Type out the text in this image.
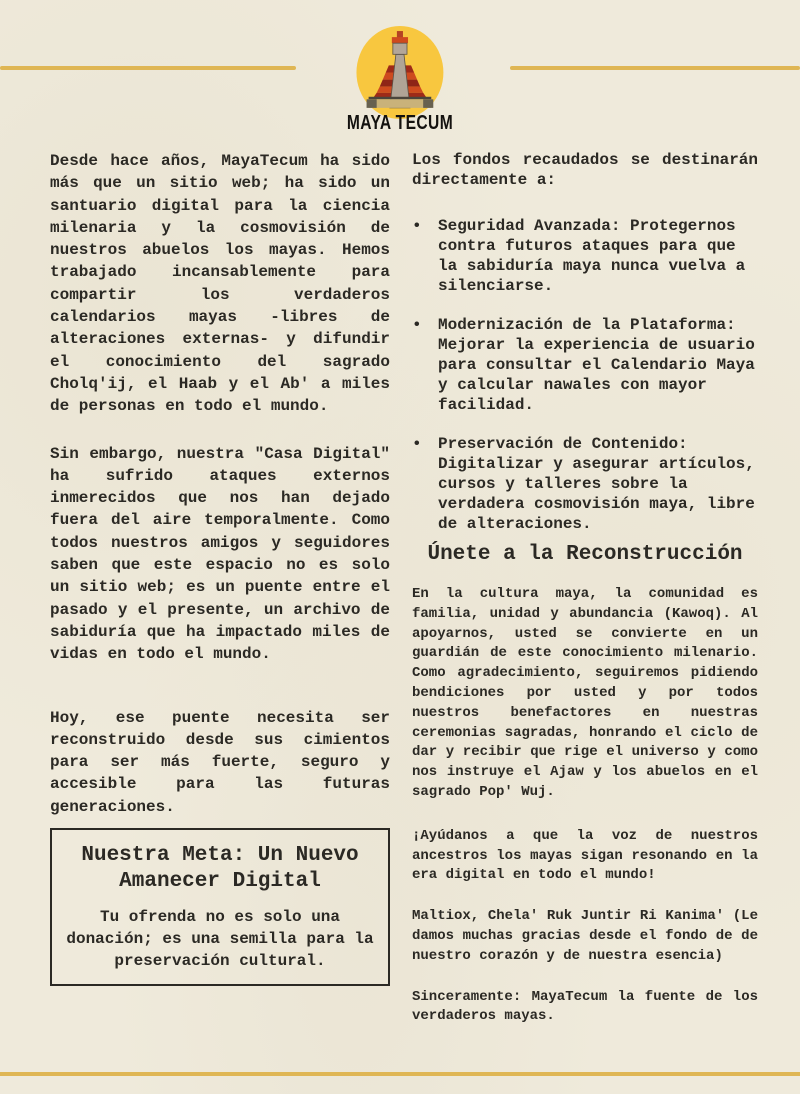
MAYA TECUM

Desde hace años, MayaTecum ha sido más que un sitio web; ha sido un santuario digital para la ciencia milenaria y la cosmovisión de nuestros abuelos los mayas. Hemos trabajado incansablemente para compartir los verdaderos calendarios mayas -libres de alteraciones externas- y difundir el conocimiento del sagrado Cholq'ij, el Haab y el Ab' a miles de personas en todo el mundo.

Sin embargo, nuestra "Casa Digital" ha sufrido ataques externos inmerecidos que nos han dejado fuera del aire temporalmente. Como todos nuestros amigos y seguidores saben que este espacio no es solo un sitio web; es un puente entre el pasado y el presente, un archivo de sabiduría que ha impactado miles de vidas en todo el mundo.

Hoy, ese puente necesita ser reconstruido desde sus cimientos para ser más fuerte, seguro y accesible para las futuras generaciones.

Nuestra Meta: Un Nuevo Amanecer Digital

Tu ofrenda no es solo una donación; es una semilla para la preservación cultural.

Los fondos recaudados se destinarán directamente a:

•	Seguridad Avanzada: Protegernos contra futuros ataques para que la sabiduría maya nunca vuelva a silenciarse.
•	Modernización de la Plataforma: Mejorar la experiencia de usuario para consultar el Calendario Maya y calcular nawales con mayor facilidad.
•	Preservación de Contenido: Digitalizar y asegurar artículos, cursos y talleres sobre la verdadera cosmovisión maya, libre de alteraciones.
Únete a la Reconstrucción

En la cultura maya, la comunidad es familia, unidad y abundancia (Kawoq). Al apoyarnos, usted se convierte en un guardián de este conocimiento milenario. Como agradecimiento, seguiremos pidiendo bendiciones por usted y por todos nuestros benefactores en nuestras ceremonias sagradas, honrando el ciclo de dar y recibir que rige el universo y como nos instruye el Ajaw y los abuelos en el sagrado Pop' Wuj.

¡Ayúdanos a que la voz de nuestros ancestros los mayas sigan resonando en la era digital en todo el mundo!

Maltiox, Chela' Ruk Juntir Ri Kanima' (Le damos muchas gracias desde el fondo de de nuestro corazón y de nuestra esencia)

Sinceramente: MayaTecum la fuente de los verdaderos mayas.
